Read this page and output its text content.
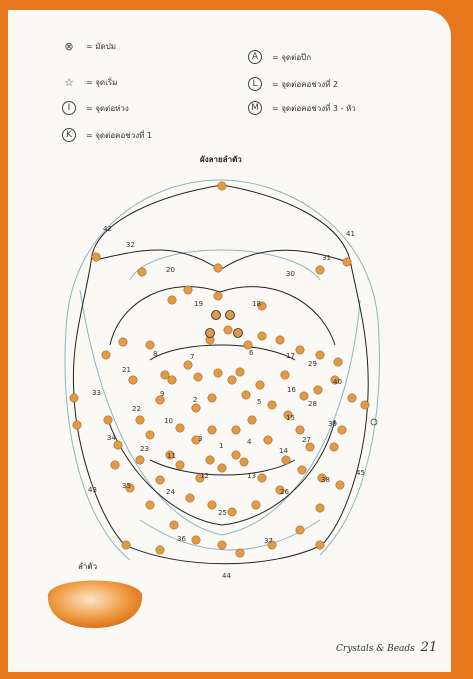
⊗ = มัดปม
☆ = จุดเริ่ม
I	= จุดต่อห่วง
K	= จุดต่อคอช่วงที่ 1
A	= จุดต่อปีก
L	= จุดต่อคอช่วงที่ 2
M	= จุดต่อคอช่วงที่ 3 - หัว
ผังลายลำตัว
1
2
3	4
5
6
7
8
9
10
11
12	13
14
15
16
17
18
19
20
21
22
23
24
25
26
27
28
29
30
31
32
33
34
35
36	37
38
39
40
41
42
43
44
45
ลำตัว
Crystals & Beads 21
